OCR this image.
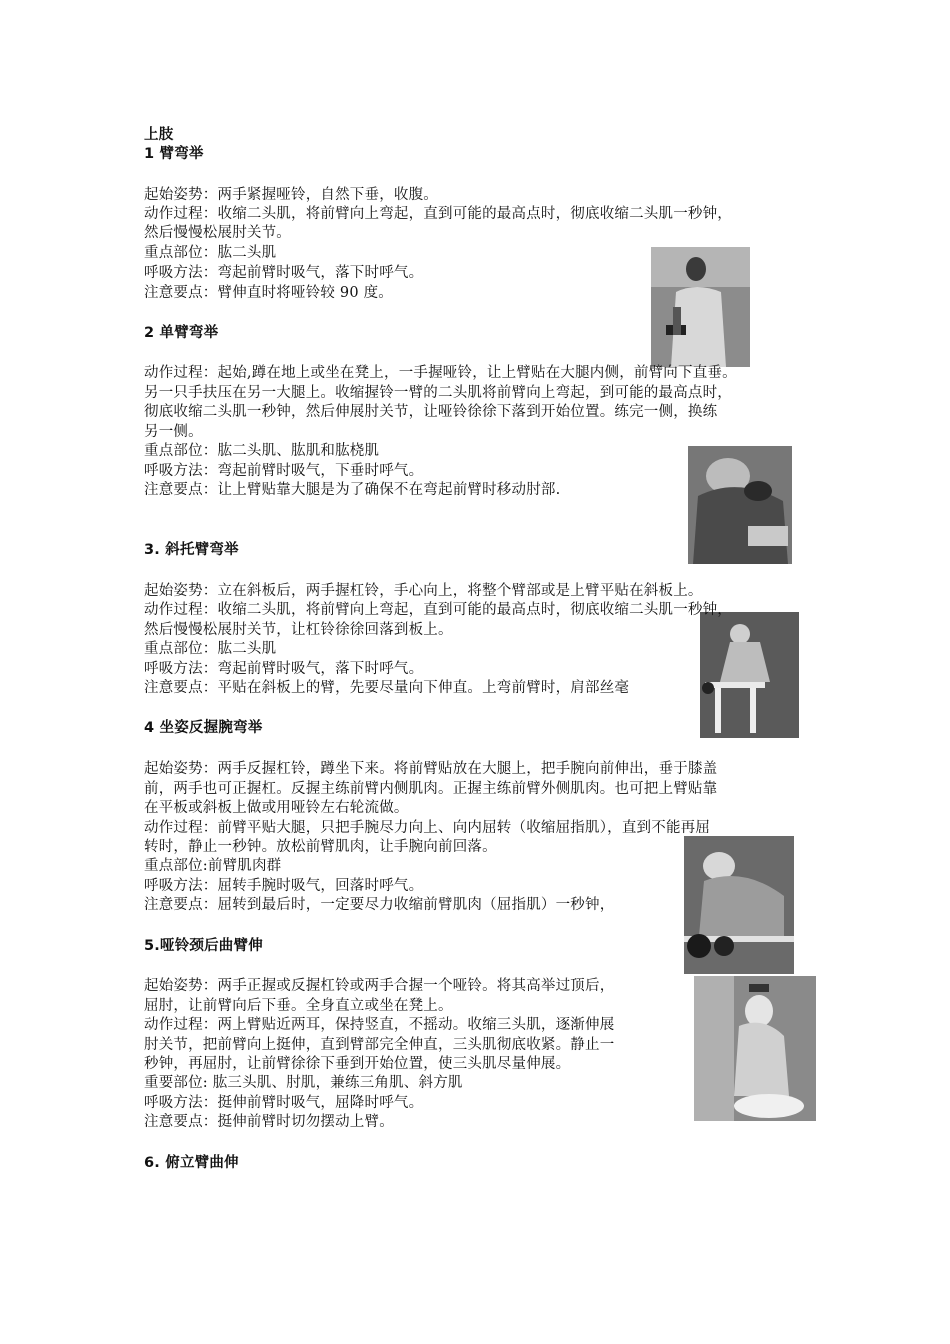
上肢
1 臂弯举
起始姿势：两手紧握哑铃，自然下垂，收腹。
动作过程：收缩二头肌，将前臂向上弯起，直到可能的最高点时，彻底收缩二头肌一秒钟，
然后慢慢松展肘关节。
重点部位：肱二头肌
呼吸方法：弯起前臂时吸气，落下时呼气。
注意要点：臂伸直时将哑铃较 90 度。
2 单臂弯举
动作过程：起始,蹲在地上或坐在凳上，一手握哑铃，让上臂贴在大腿内侧，前臂向下直垂。
另一只手扶压在另一大腿上。收缩握铃一臂的二头肌将前臂向上弯起，到可能的最高点时，
彻底收缩二头肌一秒钟，然后伸展肘关节，让哑铃徐徐下落到开始位置。练完一侧，换练
另一侧。
重点部位：肱二头肌、肱肌和肱桡肌
呼吸方法：弯起前臂时吸气，下垂时呼气。
注意要点：让上臂贴靠大腿是为了确保不在弯起前臂时移动肘部.
3. 斜托臂弯举
起始姿势：立在斜板后，两手握杠铃，手心向上，将整个臂部或是上臂平贴在斜板上。
动作过程：收缩二头肌，将前臂向上弯起，直到可能的最高点时，彻底收缩二头肌一秒钟，
然后慢慢松展肘关节，让杠铃徐徐回落到板上。
重点部位：肱二头肌
呼吸方法：弯起前臂时吸气，落下时呼气。
注意要点：平贴在斜板上的臂，先要尽量向下伸直。上弯前臂时，肩部丝毫
4 坐姿反握腕弯举
起始姿势：两手反握杠铃，蹲坐下来。将前臂贴放在大腿上，把手腕向前伸出，垂于膝盖
前，两手也可正握杠。反握主练前臂内侧肌肉。正握主练前臂外侧肌肉。也可把上臂贴靠
在平板或斜板上做或用哑铃左右轮流做。
动作过程：前臂平贴大腿，只把手腕尽力向上、向内屈转（收缩屈指肌），直到不能再屈
转时，静止一秒钟。放松前臂肌肉，让手腕向前回落。
重点部位:前臂肌肉群
呼吸方法：屈转手腕时吸气，回落时呼气。
注意要点：屈转到最后时，一定要尽力收缩前臂肌肉（屈指肌）一秒钟，
5.哑铃颈后曲臂伸
起始姿势：两手正握或反握杠铃或两手合握一个哑铃。将其高举过顶后，
屈肘，让前臂向后下垂。全身直立或坐在凳上。
动作过程：两上臂贴近两耳，保持竖直，不摇动。收缩三头肌，逐渐伸展
肘关节，把前臂向上挺伸，直到臂部完全伸直，三头肌彻底收紧。静止一
秒钟，再屈肘，让前臂徐徐下垂到开始位置，使三头肌尽量伸展。
重要部位: 肱三头肌、肘肌，兼练三角肌、斜方肌
呼吸方法：挺伸前臂时吸气，屈降时呼气。
注意要点：挺伸前臂时切勿摆动上臂。
6. 俯立臂曲伸
